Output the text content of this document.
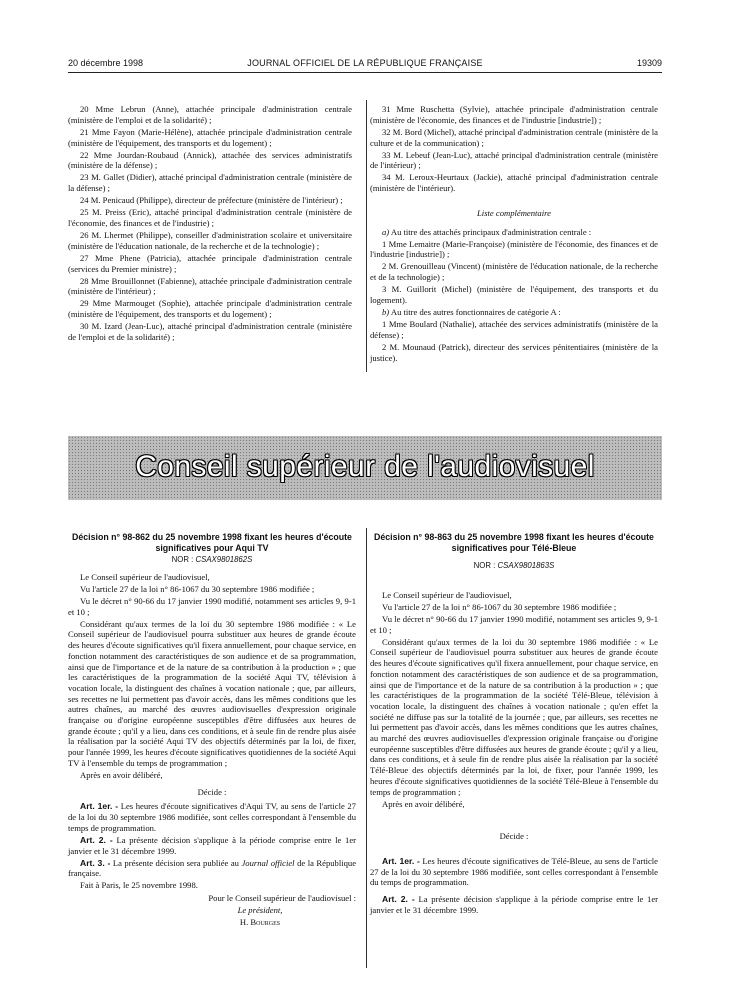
20 décembre 1998	JOURNAL OFFICIEL DE LA RÉPUBLIQUE FRANÇAISE	19309

20 Mme Lebrun (Anne), attachée principale d'administration centrale (ministère de l'emploi et de la solidarité) ;

21 Mme Fayon (Marie-Hélène), attachée principale d'administration centrale (ministère de l'équipement, des transports et du logement) ;

22 Mme Jourdan-Roubaud (Annick), attachée des services administratifs (ministère de la défense) ;

23 M. Gallet (Didier), attaché principal d'administration centrale (ministère de la défense) ;

24 M. Penicaud (Philippe), directeur de préfecture (ministère de l'intérieur) ;

25 M. Preiss (Eric), attaché principal d'administration centrale (ministère de l'économie, des finances et de l'industrie) ;

26 M. Lhermet (Philippe), conseiller d'administration scolaire et universitaire (ministère de l'éducation nationale, de la recherche et de la technologie) ;

27 Mme Phene (Patricia), attachée principale d'administration centrale (services du Premier ministre) ;

28 Mme Brouillonnet (Fabienne), attachée principale d'administration centrale (ministère de l'intérieur) ;

29 Mme Marmouget (Sophie), attachée principale d'administration centrale (ministère de l'équipement, des transports et du logement) ;

30 M. Izard (Jean-Luc), attaché principal d'administration centrale (ministère de l'emploi et de la solidarité) ;

31 Mme Ruschetta (Sylvie), attachée principale d'administration centrale (ministère de l'économie, des finances et de l'industrie [industrie]) ;

32 M. Bord (Michel), attaché principal d'administration centrale (ministère de la culture et de la communication) ;

33 M. Lebeuf (Jean-Luc), attaché principal d'administration centrale (ministère de l'intérieur) ;

34 M. Leroux-Heurtaux (Jackie), attaché principal d'administration centrale (ministère de l'intérieur).

Liste complémentaire

a) Au titre des attachés principaux d'administration centrale :

1 Mme Lemaitre (Marie-Françoise) (ministère de l'économie, des finances et de l'industrie [industrie]) ;

2 M. Grenouilleau (Vincent) (ministère de l'éducation nationale, de la recherche et de la technologie) ;

3 M. Guillorit (Michel) (ministère de l'équipement, des transports et du logement).

b) Au titre des autres fonctionnaires de catégorie A :

1 Mme Boulard (Nathalie), attachée des services administratifs (ministère de la défense) ;

2 M. Mounaud (Patrick), directeur des services pénitentiaires (ministère de la justice).

Conseil supérieur de l'audiovisuel

Décision n° 98-862 du 25 novembre 1998 fixant les heures d'écoute significatives pour Aqui TV

NOR : CSAX9801862S

Le Conseil supérieur de l'audiovisuel,

Vu l'article 27 de la loi n° 86-1067 du 30 septembre 1986 modifiée ;

Vu le décret n° 90-66 du 17 janvier 1990 modifié, notamment ses articles 9, 9-1 et 10 ;

Considérant qu'aux termes de la loi du 30 septembre 1986 modifiée : « Le Conseil supérieur de l'audiovisuel pourra substituer aux heures de grande écoute des heures d'écoute significatives qu'il fixera annuellement, pour chaque service, en fonction notamment des caractéristiques de son audience et de sa programmation, ainsi que de l'importance et de la nature de sa contribution à la production » ; que les caractéristiques de la programmation de la société Aqui TV, télévision à vocation locale, la distinguent des chaînes à vocation nationale ; que, par ailleurs, ses recettes ne lui permettent pas d'avoir accès, dans les mêmes conditions que les autres chaînes, au marché des œuvres audiovisuelles d'expression originale française ou d'origine européenne susceptibles d'être diffusées aux heures de grande écoute ; qu'il y a lieu, dans ces conditions, et à seule fin de rendre plus aisée la réalisation par la société Aqui TV des objectifs déterminés par la loi, de fixer, pour l'année 1999, les heures d'écoute significatives quotidiennes de la société Aqui TV à l'ensemble du temps de programmation ;

Après en avoir délibéré,

Décide :

Art. 1er. - Les heures d'écoute significatives d'Aqui TV, au sens de l'article 27 de la loi du 30 septembre 1986 modifiée, sont celles correspondant à l'ensemble du temps de programmation.

Art. 2. - La présente décision s'applique à la période comprise entre le 1er janvier et le 31 décembre 1999.

Art. 3. - La présente décision sera publiée au Journal officiel de la République française.

Fait à Paris, le 25 novembre 1998.

Pour le Conseil supérieur de l'audiovisuel :

Le président,

H. Bourges

Décision n° 98-863 du 25 novembre 1998 fixant les heures d'écoute significatives pour Télé-Bleue

NOR : CSAX9801863S

Le Conseil supérieur de l'audiovisuel,

Vu l'article 27 de la loi n° 86-1067 du 30 septembre 1986 modifiée ;

Vu le décret n° 90-66 du 17 janvier 1990 modifié, notamment ses articles 9, 9-1 et 10 ;

Considérant qu'aux termes de la loi du 30 septembre 1986 modifiée : « Le Conseil supérieur de l'audiovisuel pourra substituer aux heures de grande écoute des heures d'écoute significatives qu'il fixera annuellement, pour chaque service, en fonction notamment des caractéristiques de son audience et de sa programmation, ainsi que de l'importance et de la nature de sa contribution à la production » ; que les caractéristiques de la programmation de la société Télé-Bleue, télévision à vocation locale, la distinguent des chaînes à vocation nationale ; qu'en effet la société ne diffuse pas sur la totalité de la journée ; que, par ailleurs, ses recettes ne lui permettent pas d'avoir accès, dans les mêmes conditions que les autres chaînes, au marché des œuvres audiovisuelles d'expression originale française ou d'origine européenne susceptibles d'être diffusées aux heures de grande écoute ; qu'il y a lieu, dans ces conditions, et à seule fin de rendre plus aisée la réalisation par la société Télé-Bleue des objectifs déterminés par la loi, de fixer, pour l'année 1999, les heures d'écoute significatives quotidiennes de la société Télé-Bleue à l'ensemble du temps de programmation ;

Après en avoir délibéré,

Décide :

Art. 1er. - Les heures d'écoute significatives de Télé-Bleue, au sens de l'article 27 de la loi du 30 septembre 1986 modifiée, sont celles correspondant à l'ensemble du temps de programmation.

Art. 2. - La présente décision s'applique à la période comprise entre le 1er janvier et le 31 décembre 1999.
